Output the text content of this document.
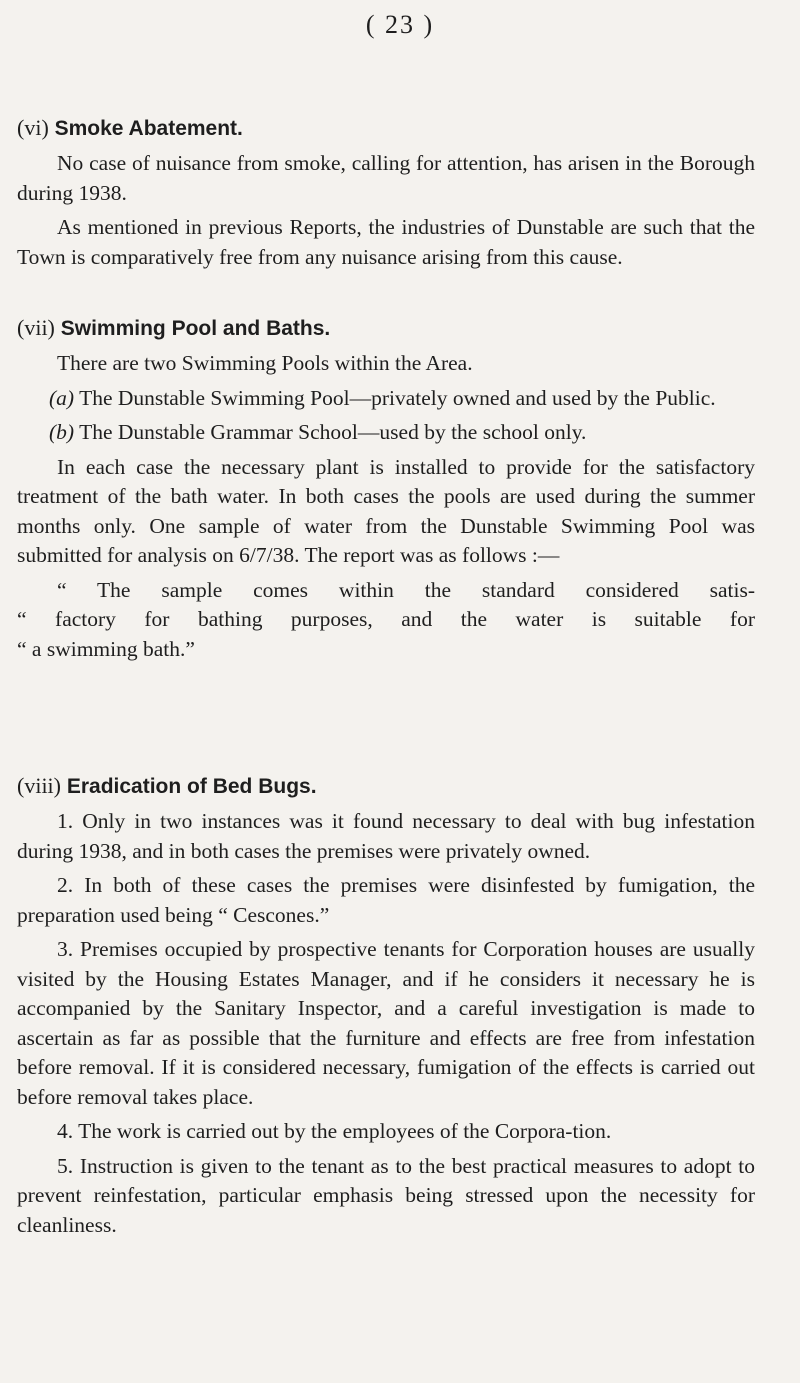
( 23 )
(vi) Smoke Abatement.

No case of nuisance from smoke, calling for attention, has arisen in the Borough during 1938.

As mentioned in previous Reports, the industries of Dunstable are such that the Town is comparatively free from any nuisance arising from this cause.

(vii) Swimming Pool and Baths.

There are two Swimming Pools within the Area.

(a) The Dunstable Swimming Pool—privately owned and used by the Public.

(b) The Dunstable Grammar School—used by the school only.

In each case the necessary plant is installed to provide for the satisfactory treatment of the bath water. In both cases the pools are used during the summer months only. One sample of water from the Dunstable Swimming Pool was submitted for analysis on 6/7/38. The report was as follows :—

“ The sample comes within the standard considered satis-
“ factory for bathing purposes, and the water is suitable for
“ a swimming bath.”

(viii) Eradication of Bed Bugs.

1. Only in two instances was it found necessary to deal with bug infestation during 1938, and in both cases the premises were privately owned.

2. In both of these cases the premises were disinfested by fumigation, the preparation used being “ Cescones.”

3. Premises occupied by prospective tenants for Corporation houses are usually visited by the Housing Estates Manager, and if he considers it necessary he is accompanied by the Sanitary Inspector, and a careful investigation is made to ascertain as far as possible that the furniture and effects are free from infestation before removal. If it is considered necessary, fumigation of the effects is carried out before removal takes place.

4. The work is carried out by the employees of the Corpora-tion.

5. Instruction is given to the tenant as to the best practical measures to adopt to prevent reinfestation, particular emphasis being stressed upon the necessity for cleanliness.
